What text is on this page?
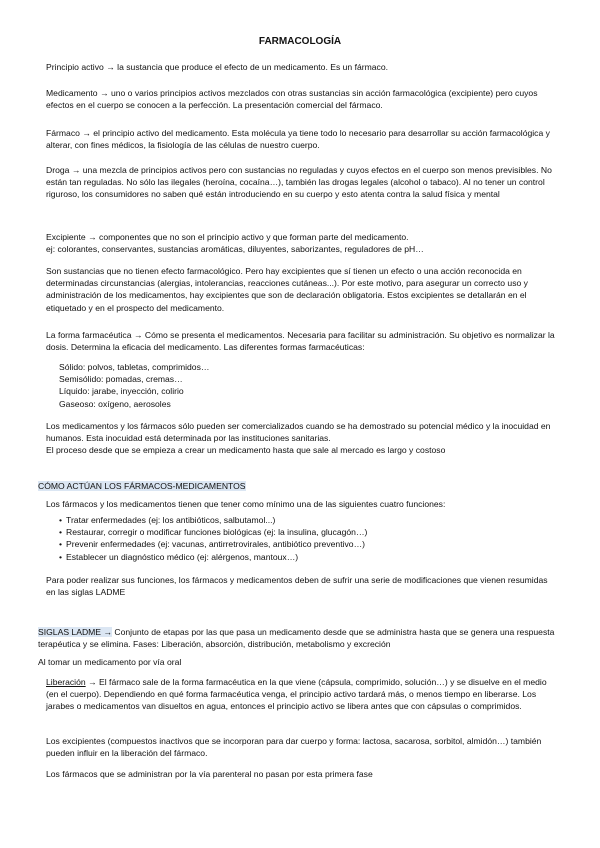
FARMACOLOGÍA

Principio activo → la sustancia que produce el efecto de un medicamento. Es un fármaco.

Medicamento → uno o varios principios activos mezclados con otras sustancias sin acción farmacológica (excipiente) pero cuyos efectos en el cuerpo se conocen a la perfección. La presentación comercial del fármaco.

Fármaco → el principio activo del medicamento. Esta molécula ya tiene todo lo necesario para desarrollar su acción farmacológica y alterar, con fines médicos, la fisiología de las células de nuestro cuerpo.

Droga → una mezcla de principios activos pero con sustancias no reguladas y cuyos efectos en el cuerpo son menos previsibles. No están tan reguladas. No sólo las ilegales (heroína, cocaína…), también las drogas legales (alcohol o tabaco). Al no tener un control riguroso, los consumidores no saben qué están introduciendo en su cuerpo y esto atenta contra la salud física y mental

Excipiente → componentes que no son el principio activo y que forman parte del medicamento.

ej: colorantes, conservantes, sustancias aromáticas, diluyentes, saborizantes, reguladores de pH…

Son sustancias que no tienen efecto farmacológico. Pero hay excipientes que sí tienen un efecto o una acción reconocida en determinadas circunstancias (alergias, intolerancias, reacciones cutáneas...). Por este motivo, para asegurar un correcto uso y administración de los medicamentos, hay excipientes que son de declaración obligatoria. Estos excipientes se detallarán en el etiquetado y en el prospecto del medicamento.

La forma farmacéutica → Cómo se presenta el medicamentos. Necesaria para facilitar su administración. Su objetivo es normalizar la dosis. Determina la eficacia del medicamento. Las diferentes formas farmacéuticas:

Sólido: polvos, tabletas, comprimidos…

Semisólido: pomadas, cremas…

Líquido: jarabe, inyección, colirio

Gaseoso: oxígeno, aerosoles

Los medicamentos y los fármacos sólo pueden ser comercializados cuando se ha demostrado su potencial médico y la inocuidad en humanos. Esta inocuidad está determinada por las instituciones sanitarias.

El proceso desde que se empieza a crear un medicamento hasta que sale al mercado es largo y costoso

CÓMO ACTÚAN LOS FÁRMACOS-MEDICAMENTOS

Los fármacos y los medicamentos tienen que tener como mínimo una de las siguientes cuatro funciones:

• Tratar enfermedades (ej: los antibióticos, salbutamol...)
• Restaurar, corregir o modificar funciones biológicas (ej: la insulina, glucagón…)
• Prevenir enfermedades (ej: vacunas, antirretrovirales, antibiótico preventivo…)
• Establecer un diagnóstico médico (ej: alérgenos, mantoux…)

Para poder realizar sus funciones, los fármacos y medicamentos deben de sufrir una serie de modificaciones que vienen resumidas en las siglas LADME

SIGLAS LADME → Conjunto de etapas por las que pasa un medicamento desde que se administra hasta que se genera una respuesta terapéutica y se elimina. Fases: Liberación, absorción, distribución, metabolismo y excreción

Al tomar un medicamento por vía oral

Liberación → El fármaco sale de la forma farmacéutica en la que viene (cápsula, comprimido, solución…) y se disuelve en el medio (en el cuerpo). Dependiendo en qué forma farmacéutica venga, el principio activo tardará más, o menos tiempo en liberarse. Los jarabes o medicamentos van disueltos en agua, entonces el principio activo se libera antes que con cápsulas o comprimidos.

Los excipientes (compuestos inactivos que se incorporan para dar cuerpo y forma: lactosa, sacarosa, sorbitol, almidón…) también pueden influir en la liberación del fármaco.

Los fármacos que se administran por la vía parenteral no pasan por esta primera fase
